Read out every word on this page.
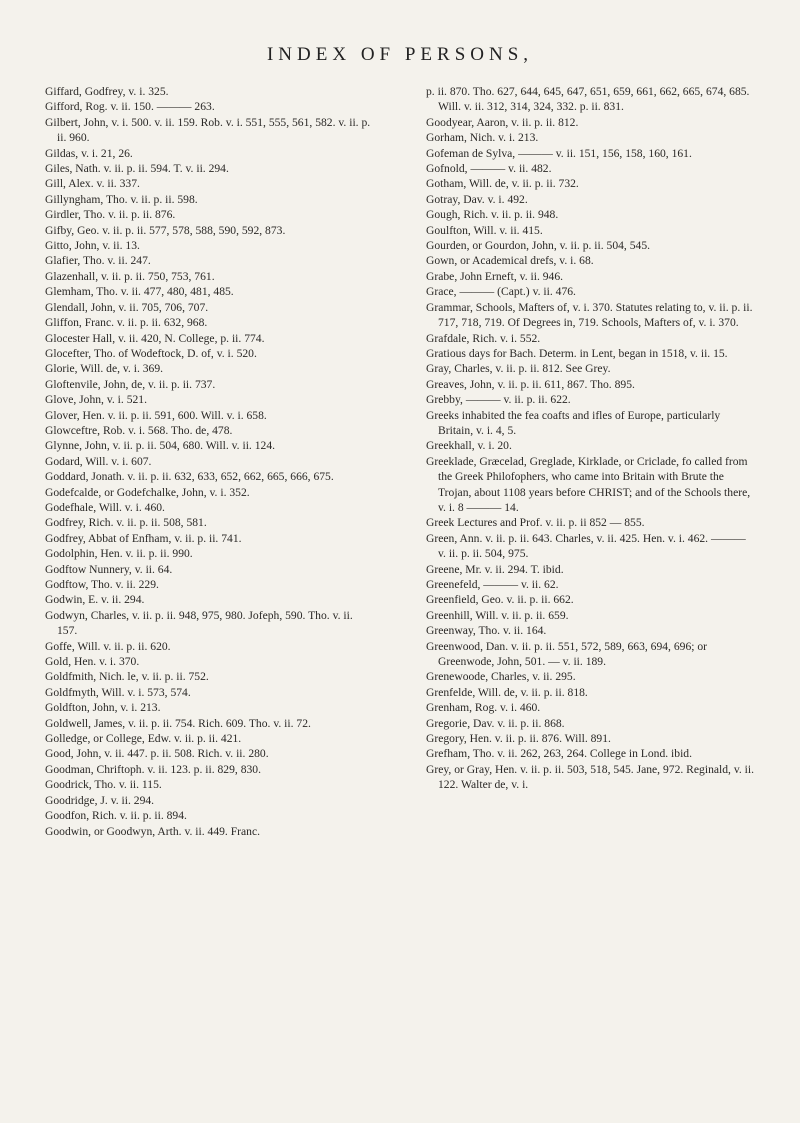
INDEX OF PERSONS,

Giffard, Godfrey, v. i. 325.

Gifford, Rog. v. ii. 150. ——— 263.

Gilbert, John, v. i. 500. v. ii. 159. Rob. v. i. 551, 555, 561, 582. v. ii. p. ii. 960.

Gildas, v. i. 21, 26.

Giles, Nath. v. ii. p. ii. 594. T. v. ii. 294.

Gill, Alex. v. ii. 337.

Gillyngham, Tho. v. ii. p. ii. 598.

Girdler, Tho. v. ii. p. ii. 876.

Gifby, Geo. v. ii. p. ii. 577, 578, 588, 590, 592, 873.

Gitto, John, v. ii. 13.

Glafier, Tho. v. ii. 247.

Glazenhall, v. ii. p. ii. 750, 753, 761.

Glemham, Tho. v. ii. 477, 480, 481, 485.

Glendall, John, v. ii. 705, 706, 707.

Gliffon, Franc. v. ii. p. ii. 632, 968.

Glocester Hall, v. ii. 420, N. College, p. ii. 774.

Glocefter, Tho. of Wodeftock, D. of, v. i. 520.

Glorie, Will. de, v. i. 369.

Gloftenvile, John, de, v. ii. p. ii. 737.

Glove, John, v. i. 521.

Glover, Hen. v. ii. p. ii. 591, 600. Will. v. i. 658.

Glowceftre, Rob. v. i. 568. Tho. de, 478.

Glynne, John, v. ii. p. ii. 504, 680. Will. v. ii. 124.

Godard, Will. v. i. 607.

Goddard, Jonath. v. ii. p. ii. 632, 633, 652, 662, 665, 666, 675.

Godefcalde, or Godefchalke, John, v. i. 352.

Godefhale, Will. v. i. 460.

Godfrey, Rich. v. ii. p. ii. 508, 581.

Godfrey, Abbat of Enfham, v. ii. p. ii. 741.

Godolphin, Hen. v. ii. p. ii. 990.

Godftow Nunnery, v. ii. 64.

Godftow, Tho. v. ii. 229.

Godwin, E. v. ii. 294.

Godwyn, Charles, v. ii. p. ii. 948, 975, 980. Jofeph, 590. Tho. v. ii. 157.

Goffe, Will. v. ii. p. ii. 620.

Gold, Hen. v. i. 370.

Goldfmith, Nich. le, v. ii. p. ii. 752.

Goldfmyth, Will. v. i. 573, 574.

Goldfton, John, v. i. 213.

Goldwell, James, v. ii. p. ii. 754. Rich. 609. Tho. v. ii. 72.

Golledge, or College, Edw. v. ii. p. ii. 421.

Good, John, v. ii. 447. p. ii. 508. Rich. v. ii. 280.

Goodman, Chriftoph. v. ii. 123. p. ii. 829, 830.

Goodrick, Tho. v. ii. 115.

Goodridge, J. v. ii. 294.

Goodfon, Rich. v. ii. p. ii. 894.

Goodwin, or Goodwyn, Arth. v. ii. 449. Franc.

p. ii. 870. Tho. 627, 644, 645, 647, 651, 659, 661, 662, 665, 674, 685. Will. v. ii. 312, 314, 324, 332. p. ii. 831.

Goodyear, Aaron, v. ii. p. ii. 812.

Gorham, Nich. v. i. 213.

Gofeman de Sylva, ——— v. ii. 151, 156, 158, 160, 161.

Gofnold, ——— v. ii. 482.

Gotham, Will. de, v. ii. p. ii. 732.

Gotray, Dav. v. i. 492.

Gough, Rich. v. ii. p. ii. 948.

Goulfton, Will. v. ii. 415.

Gourden, or Gourdon, John, v. ii. p. ii. 504, 545.

Gown, or Academical drefs, v. i. 68.

Grabe, John Erneft, v. ii. 946.

Grace, ——— (Capt.) v. ii. 476.

Grammar, Schools, Mafters of, v. i. 370. Statutes relating to, v. ii. p. ii. 717, 718, 719. Of Degrees in, 719. Schools, Mafters of, v. i. 370.

Grafdale, Rich. v. i. 552.

Gratious days for Bach. Determ. in Lent, began in 1518, v. ii. 15.

Gray, Charles, v. ii. p. ii. 812. See Grey.

Greaves, John, v. ii. p. ii. 611, 867. Tho. 895.

Grebby, ——— v. ii. p. ii. 622.

Greeks inhabited the fea coafts and ifles of Europe, particularly Britain, v. i. 4, 5.

Greekhall, v. i. 20.

Greeklade, Græcelad, Greglade, Kirklade, or Criclade, fo called from the Greek Philofophers, who came into Britain with Brute the Trojan, about 1108 years before CHRIST; and of the Schools there, v. i. 8 ——— 14.

Greek Lectures and Prof. v. ii. p. ii 852 — 855.

Green, Ann. v. ii. p. ii. 643. Charles, v. ii. 425. Hen. v. i. 462. ——— v. ii. p. ii. 504, 975.

Greene, Mr. v. ii. 294. T. ibid.

Greenefeld, ——— v. ii. 62.

Greenfield, Geo. v. ii. p. ii. 662.

Greenhill, Will. v. ii. p. ii. 659.

Greenway, Tho. v. ii. 164.

Greenwood, Dan. v. ii. p. ii. 551, 572, 589, 663, 694, 696; or Greenwode, John, 501. — v. ii. 189.

Grenewoode, Charles, v. ii. 295.

Grenfelde, Will. de, v. ii. p. ii. 818.

Grenham, Rog. v. i. 460.

Gregorie, Dav. v. ii. p. ii. 868.

Gregory, Hen. v. ii. p. ii. 876. Will. 891.

Grefham, Tho. v. ii. 262, 263, 264. College in Lond. ibid.

Grey, or Gray, Hen. v. ii. p. ii. 503, 518, 545. Jane, 972. Reginald, v. ii. 122. Walter de, v. i.
